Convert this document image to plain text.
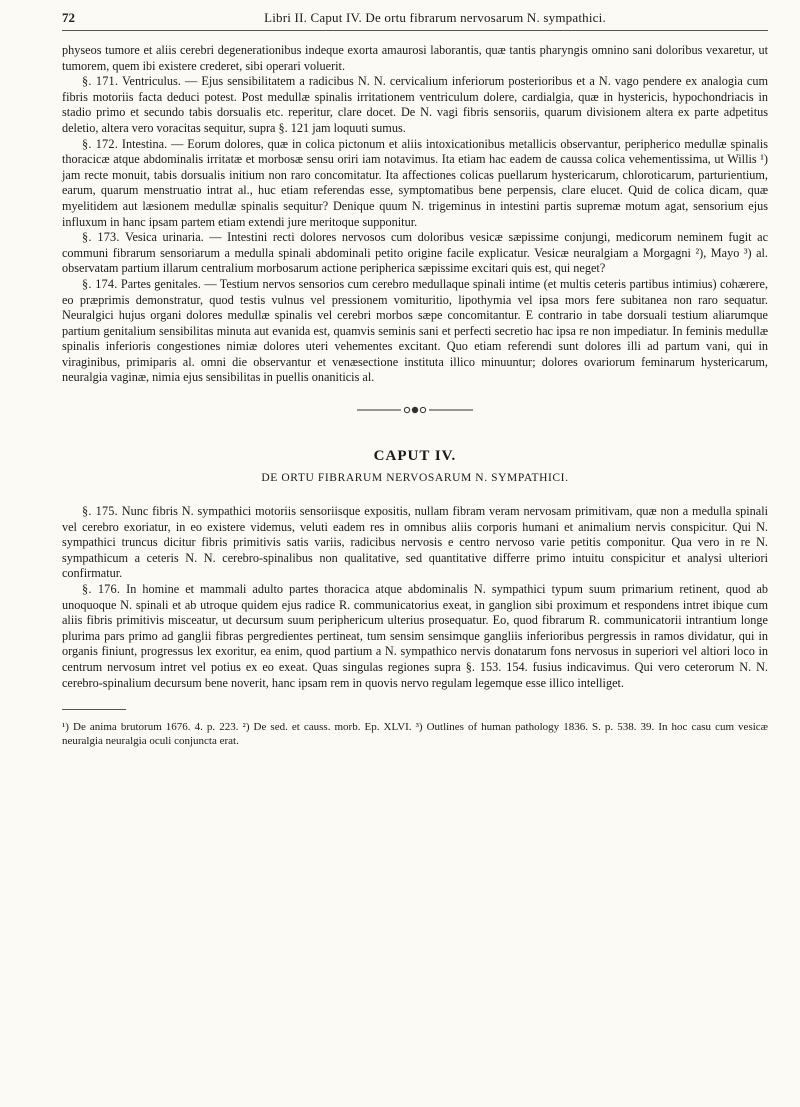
72	Libri II. Caput IV. De ortu fibrarum nervosarum N. sympathici.

physeos tumore et aliis cerebri degenerationibus indeque exorta amaurosi laborantis, quæ tantis pharyngis omnino sani doloribus vexaretur, ut tumorem, quem ibi existere crederet, sibi operari voluerit.

§. 171. Ventriculus. — Ejus sensibilitatem a radicibus N. N. cervicalium inferiorum posterioribus et a N. vago pendere ex analogia cum fibris motoriis facta deduci potest. Post medullæ spinalis irritationem ventriculum dolere, cardialgia, quæ in hystericis, hypochondriacis in stadio primo et secundo tabis dorsualis etc. reperitur, clare docet. De N. vagi fibris sensoriis, quarum divisionem altera ex parte adpetitus deletio, altera vero voracitas sequitur, supra §. 121 jam loquuti sumus.

§. 172. Intestina. — Eorum dolores, quæ in colica pictonum et aliis intoxicationibus metallicis observantur, peripherico medullæ spinalis thoracicæ atque abdominalis irritatæ et morbosæ sensu oriri iam notavimus. Ita etiam hac eadem de caussa colica vehementissima, ut Willis ¹) jam recte monuit, tabis dorsualis initium non raro concomitatur. Ita affectiones colicas puellarum hystericarum, chloroticarum, parturientium, earum, quarum menstruatio intrat al., huc etiam referendas esse, symptomatibus bene perpensis, clare elucet. Quid de colica dicam, quæ myelitidem aut læsionem medullæ spinalis sequitur? Denique quum N. trigeminus in intestini partis supremæ motum agat, sensorium ejus influxum in hanc ipsam partem etiam extendi jure meritoque supponitur.

§. 173. Vesica urinaria. — Intestini recti dolores nervosos cum doloribus vesicæ sæpissime conjungi, medicorum neminem fugit ac communi fibrarum sensoriarum a medulla spinali abdominali petito origine facile explicatur. Vesicæ neuralgiam a Morgagni ²), Mayo ³) al. observatam partium illarum centralium morbosarum actione peripherica sæpissime excitari quis est, qui neget?

§. 174. Partes genitales. — Testium nervos sensorios cum cerebro medullaque spinali intime (et multis ceteris partibus intimius) cohærere, eo præprimis demonstratur, quod testis vulnus vel pressionem vomituritio, lipothymia vel ipsa mors fere subitanea non raro sequatur. Neuralgici hujus organi dolores medullæ spinalis vel cerebri morbos sæpe concomitantur. E contrario in tabe dorsuali testium aliarumque partium genitalium sensibilitas minuta aut evanida est, quamvis seminis sani et perfecti secretio hac ipsa re non impediatur. In feminis medullæ spinalis inferioris congestiones nimiæ dolores uteri vehementes excitant. Quo etiam referendi sunt dolores illi ad partum vani, qui in viraginibus, primiparis al. omni die observantur et venæsectione instituta illico minuuntur; dolores ovariorum feminarum hystericarum, neuralgia vaginæ, nimia ejus sensibilitas in puellis onaniticis al.

CAPUT IV.
DE ORTU FIBRARUM NERVOSARUM N. SYMPATHICI.

§. 175. Nunc fibris N. sympathici motoriis sensoriisque expositis, nullam fibram veram nervosam primitivam, quæ non a medulla spinali vel cerebro exoriatur, in eo existere videmus, veluti eadem res in omnibus aliis corporis humani et animalium nervis conspicitur. Qui N. sympathici truncus dicitur fibris primitivis satis variis, radicibus nervosis e centro nervoso varie petitis componitur. Qua vero in re N. sympathicum a ceteris N. N. cerebro-spinalibus non qualitative, sed quantitative differre primo intuitu conspicitur et analysi ulteriori confirmatur.

§. 176. In homine et mammali adulto partes thoracica atque abdominalis N. sympathici typum suum primarium retinent, quod ab unoquoque N. spinali et ab utroque quidem ejus radice R. communicatorius exeat, in ganglion sibi proximum et respondens intret ibique cum aliis fibris primitivis misceatur, ut decursum suum periphericum ulterius prosequatur. Eo, quod fibrarum R. communicatorii intrantium longe plurima pars primo ad ganglii fibras pergredientes pertineat, tum sensim sensimque gangliis inferioribus pergressis in ramos dividatur, qui in organis finiunt, progressus lex exoritur, ea enim, quod partium a N. sympathico nervis donatarum fons nervosus in superiori vel altiori loco in centrum nervosum intret vel potius ex eo exeat. Quas singulas regiones supra §. 153. 154. fusius indicavimus. Qui vero ceterorum N. N. cerebro-spinalium decursum bene noverit, hanc ipsam rem in quovis nervo regulam legemque esse illico intelliget.

¹) De anima brutorum 1676. 4. p. 223. ²) De sed. et causs. morb. Ep. XLVI. ³) Outlines of human pathology 1836. S. p. 538. 39. In hoc casu cum vesicæ neuralgia neuralgia oculi conjuncta erat.
